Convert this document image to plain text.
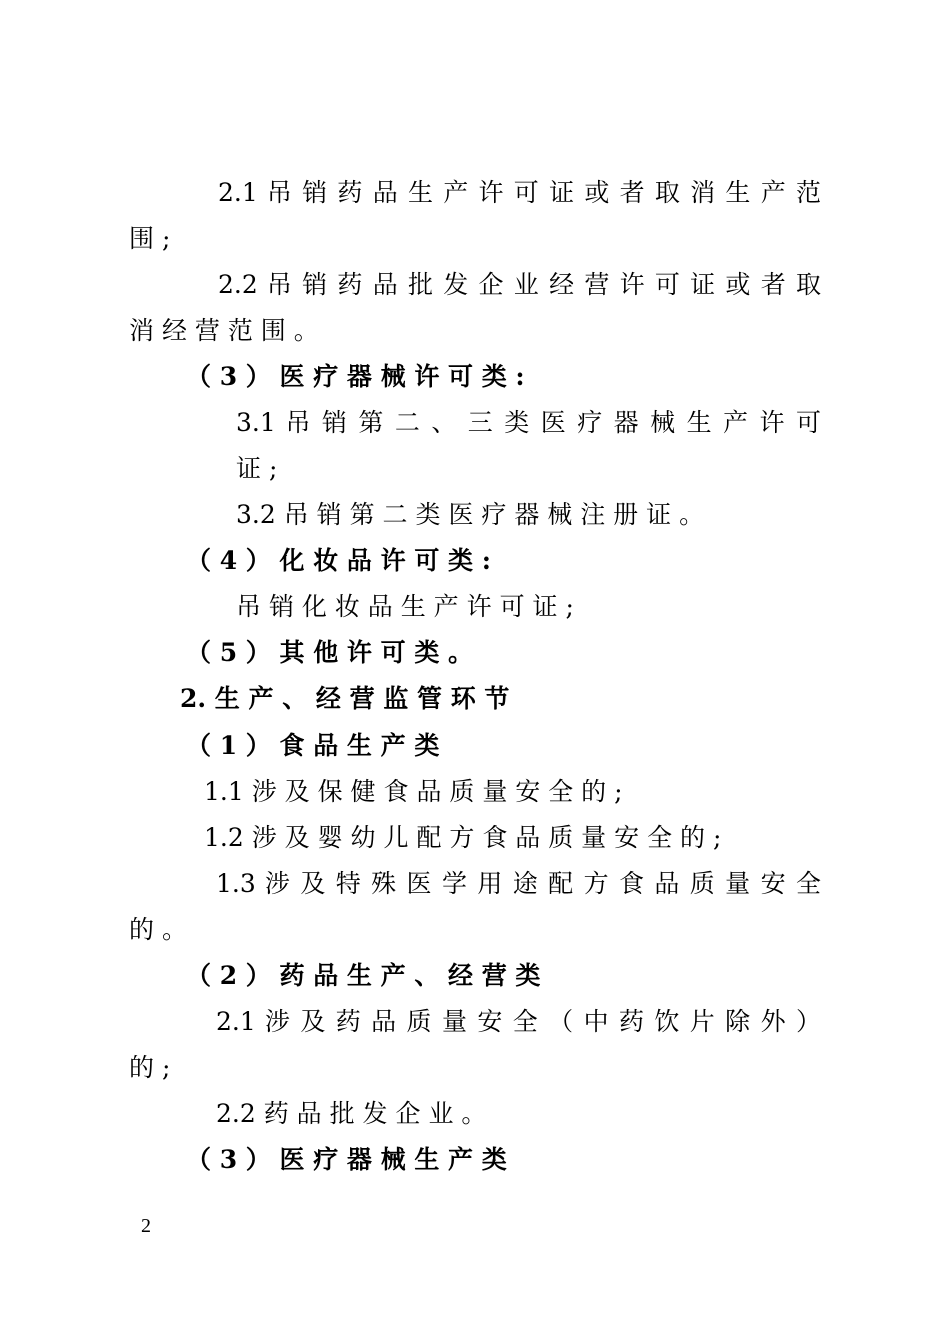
2.1 吊 销 药 品 生 产 许 可 证 或 者 取 消 生 产 范
围 ;
2.2 吊 销 药 品 批 发 企 业 经 营 许 可 证 或 者 取
消 经 营 范 围 。
（ 3 ） 医 疗 器 械 许 可 类 :
3.1 吊 销 第 二 、 三 类 医 疗 器 械 生 产 许 可
证 ;
3.2 吊 销 第 二 类 医 疗 器 械 注 册 证 。
（ 4 ） 化 妆 品 许 可 类 :
吊 销 化 妆 品 生 产 许 可 证 ;
（ 5 ） 其 他 许 可 类 。
2. 生 产 、 经 营 监 管 环 节
（ 1 ） 食 品 生 产 类
1.1 涉 及 保 健 食 品 质 量 安 全 的 ;
1.2 涉 及 婴 幼 儿 配 方 食 品 质 量 安 全 的 ;
1.3 涉 及 特 殊 医 学 用 途 配 方 食 品 质 量 安 全
的 。
（ 2 ） 药 品 生 产 、 经 营 类
2.1 涉 及 药 品 质 量 安 全 （ 中 药 饮 片 除 外 ）
的 ;
2.2 药 品 批 发 企 业 。
（ 3 ） 医 疗 器 械 生 产 类
2
